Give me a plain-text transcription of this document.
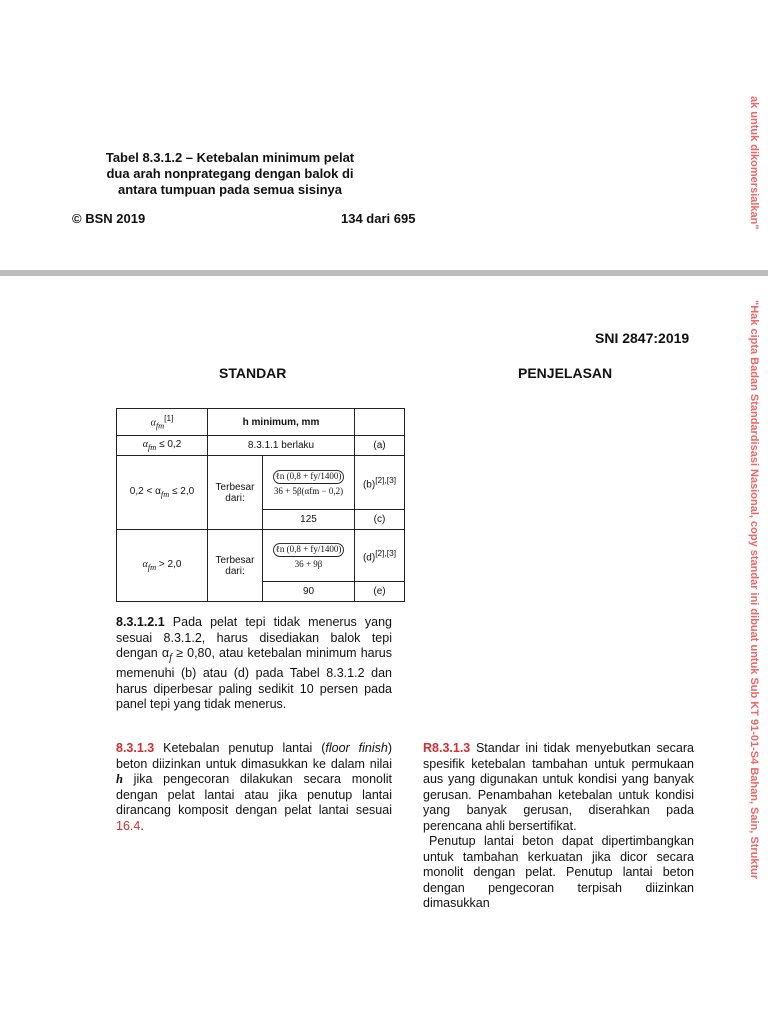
Tabel 8.3.1.2 – Ketebalan minimum pelat
dua arah nonprategang dengan balok di
antara tumpuan pada semua sisinya
© BSN 2019	134 dari 695
SNI 2847:2019
STANDAR	PENJELASAN
$\alpha_{fm}[1]$	h minimum, mm		
$\alpha_{fm} \le 0,2$	8.3.1.1 berlaku		(a)
$0,2 < \alpha_{fm} \le 2,0$	Terbesar dari:	$\frac{\text{ℓn (0,8 + fy/1400)}}{\text{36 + 5β(αfm − 0,2)}}$	(b)[2],[3]
		125	(c)
$\alpha_{fm} > 2,0$	Terbesar dari:	$\frac{\text{ℓn (0,8 + fy/1400)}}{36 + 9\beta}$	(d)[2],[3]
		90	(e)
8.3.1.2.1 Pada pelat tepi tidak menerus yang sesuai 8.3.1.2, harus disediakan balok tepi dengan $\alpha_f \ge 0,80$, atau ketebalan minimum harus memenuhi (b) atau (d) pada Tabel 8.3.1.2 dan harus diperbesar paling sedikit 10 persen pada panel tepi yang tidak menerus.
8.3.1.3 Ketebalan penutup lantai (floor finish) beton diizinkan untuk dimasukkan ke dalam nilai h jika pengecoran dilakukan secara monolit dengan pelat lantai atau jika penutup lantai dirancang komposit dengan pelat lantai sesuai 16.4.
R8.3.1.3 Standar ini tidak menyebutkan secara spesifik ketebalan tambahan untuk permukaan aus yang digunakan untuk kondisi yang banyak gerusan. Penambahan ketebalan untuk kondisi yang banyak gerusan, diserahkan pada perencana ahli bersertifikat.
Penutup lantai beton dapat dipertimbangkan untuk tambahan kerkuatan jika dicor secara monolit dengan pelat. Penutup lantai beton dengan pengecoran terpisah diizinkan dimasukkan
ak untuk dikomersialkan"
"Hak cipta Badan Standardisasi Nasional, copy standar ini dibuat untuk Sub KT 91-01-S4 Bahan, Sain, Struktur
